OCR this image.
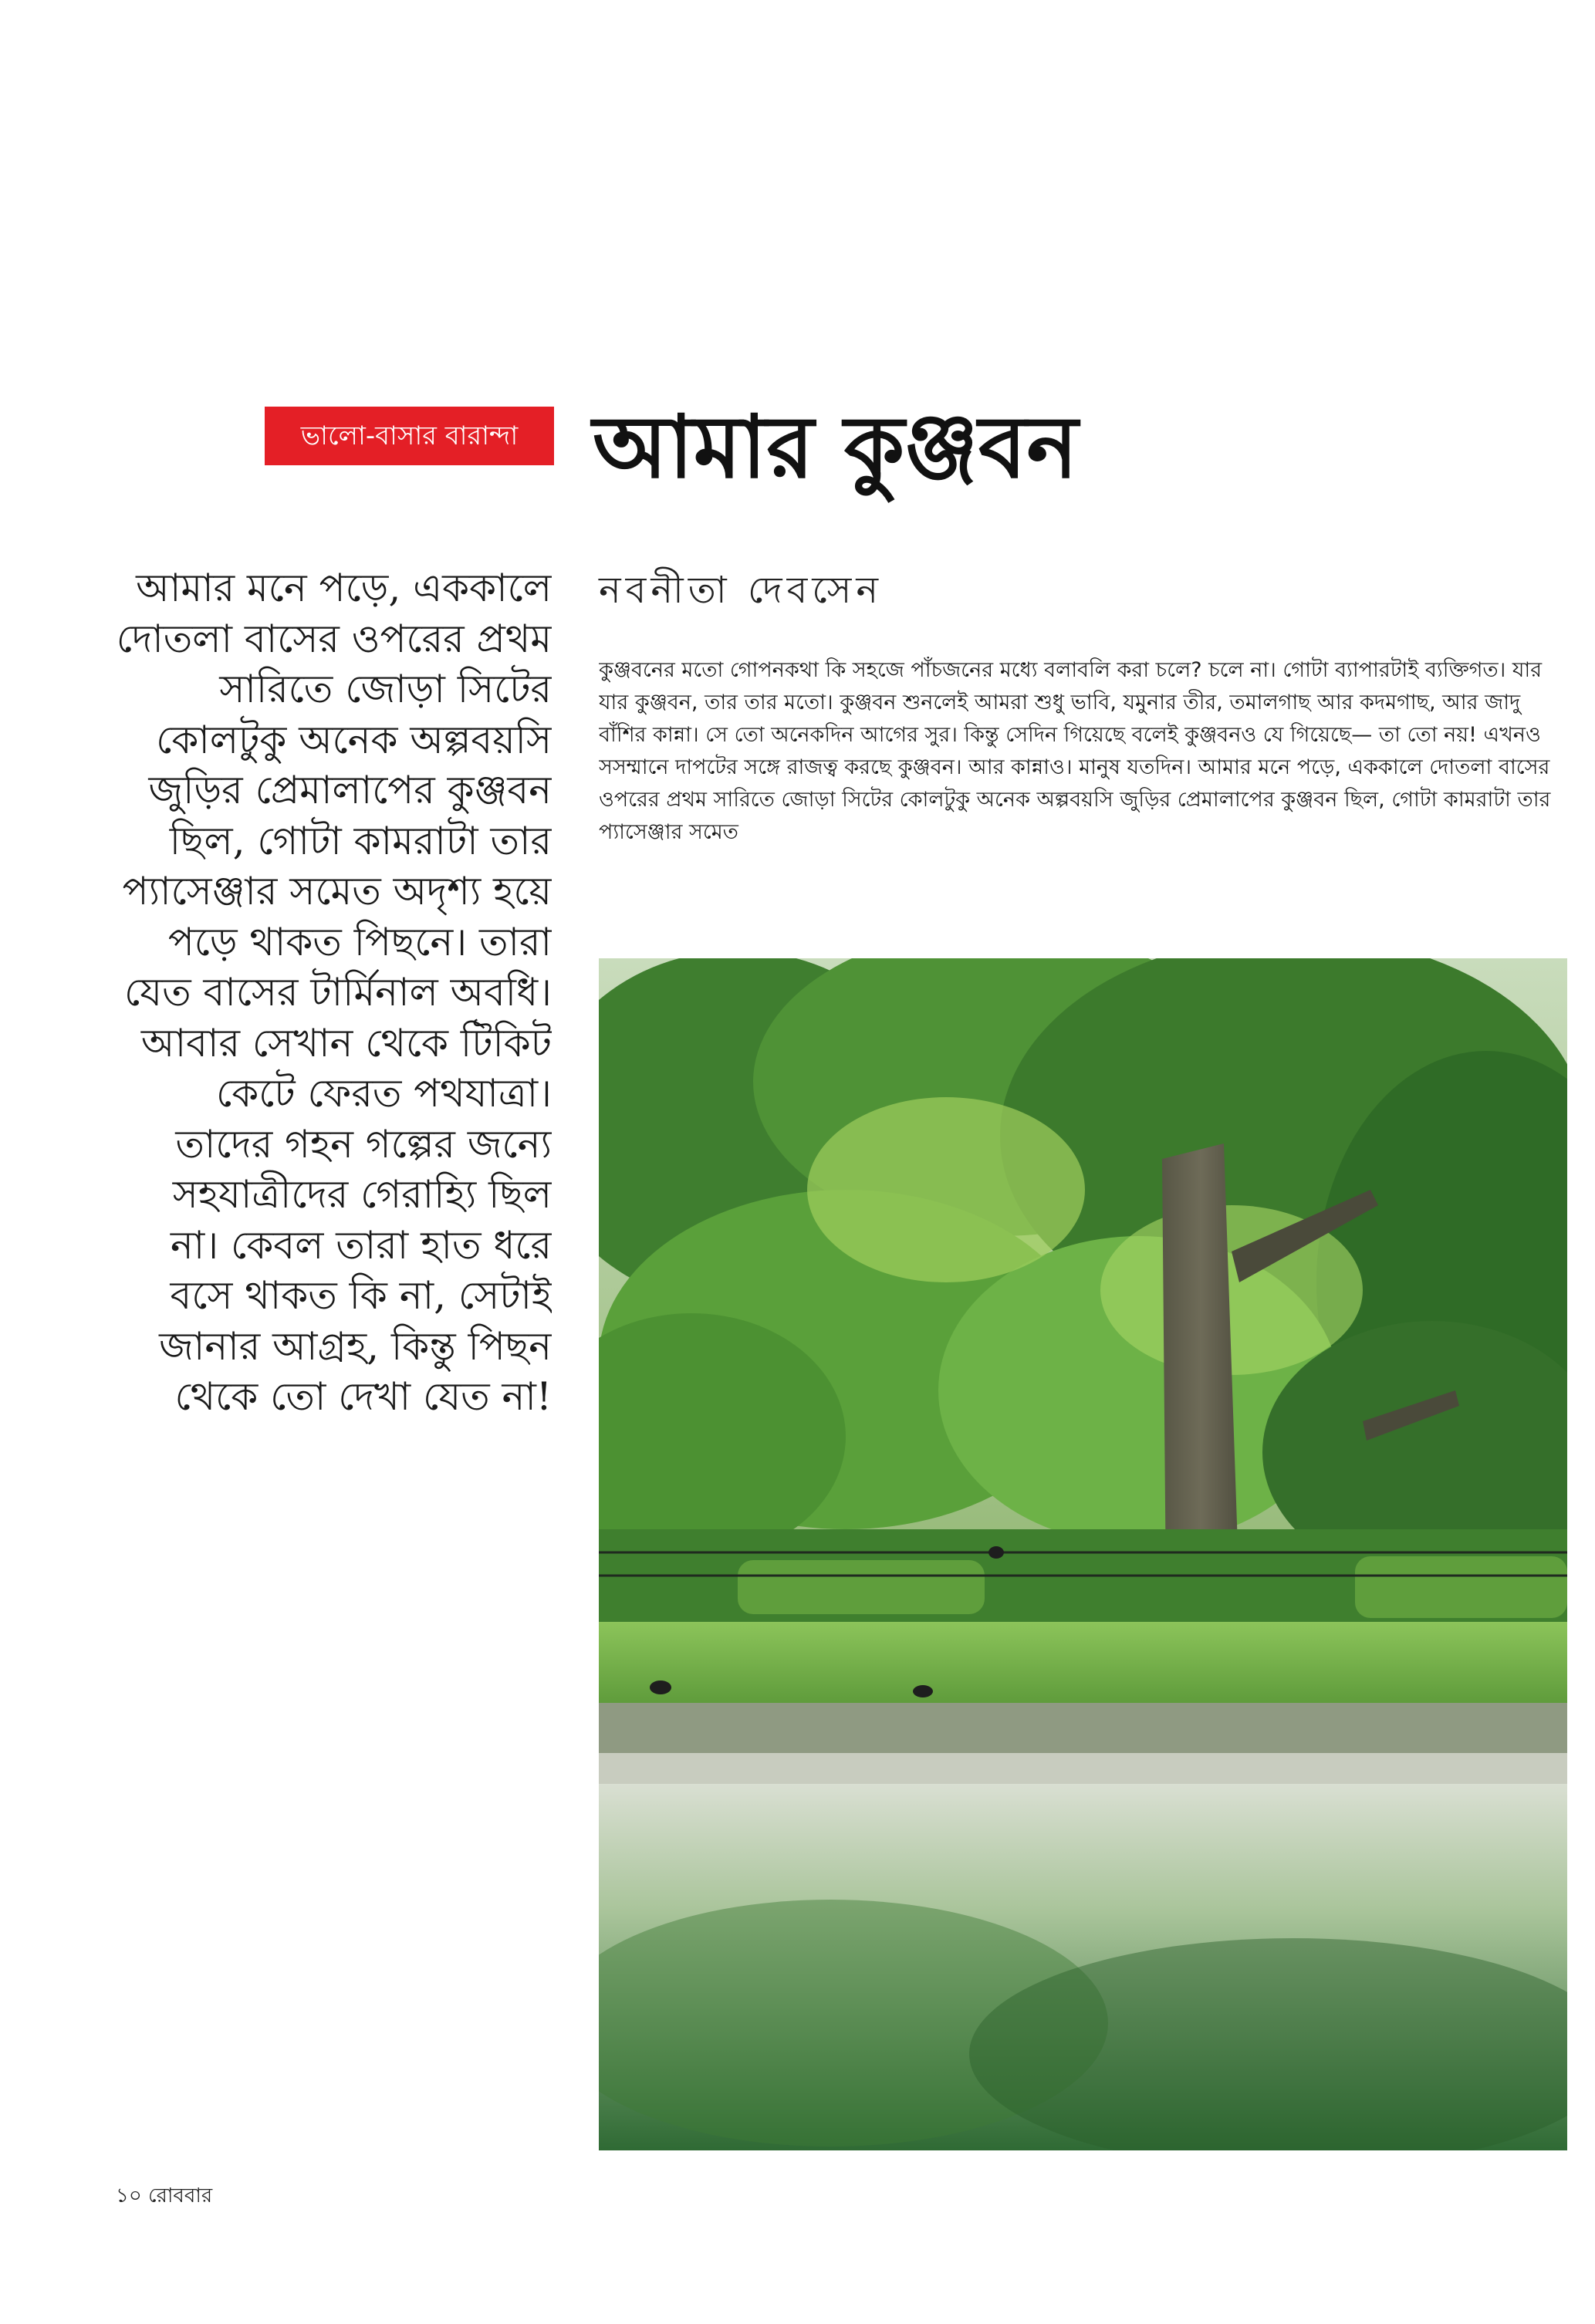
ভালো-বাসার বারান্দা আমার কুঞ্জবন
নবনীতা দেবসেন

কুঞ্জবনের মতো গোপনকথা কি সহজে পাঁচজনের মধ্যে বলাবলি করা চলে? চলে না। গোটা ব্যাপারটাই ব্যক্তিগত। যার যার কুঞ্জবন, তার তার মতো। কুঞ্জবন শুনলেই আমরা শুধু ভাবি, যমুনার তীর, তমালগাছ আর কদমগাছ, আর জাদু বাঁশির কান্না। সে তো অনেকদিন আগের সুর। কিন্তু সেদিন গিয়েছে বলেই কুঞ্জবনও যে গিয়েছে— তা তো নয়! এখনও সসম্মানে দাপটের সঙ্গে রাজত্ব করছে কুঞ্জবন। আর কান্নাও। মানুষ যতদিন। আমার মনে পড়ে, এককালে দোতলা বাসের ওপরের প্রথম সারিতে জোড়া সিটের কোলটুকু অনেক অল্পবয়সি জুড়ির প্রেমালাপের কুঞ্জবন ছিল, গোটা কামরাটা তার প্যাসেঞ্জার সমেত

আমার মনে পড়ে, এককালে দোতলা বাসের ওপরের প্রথম সারিতে জোড়া সিটের কোলটুকু অনেক অল্পবয়সি জুড়ির প্রেমালাপের কুঞ্জবন ছিল, গোটা কামরাটা তার প্যাসেঞ্জার সমেত অদৃশ্য হয়ে পড়ে থাকত পিছনে। তারা যেত বাসের টার্মিনাল অবধি। আবার সেখান থেকে টিকিট কেটে ফেরত পথযাত্রা। তাদের গহন গল্পের জন্যে সহযাত্রীদের গেরাহ্যি ছিল না। কেবল তারা হাত ধরে বসে থাকত কি না, সেটাই জানার আগ্রহ, কিন্তু পিছন থেকে তো দেখা যেত না!

১০ রোববার
